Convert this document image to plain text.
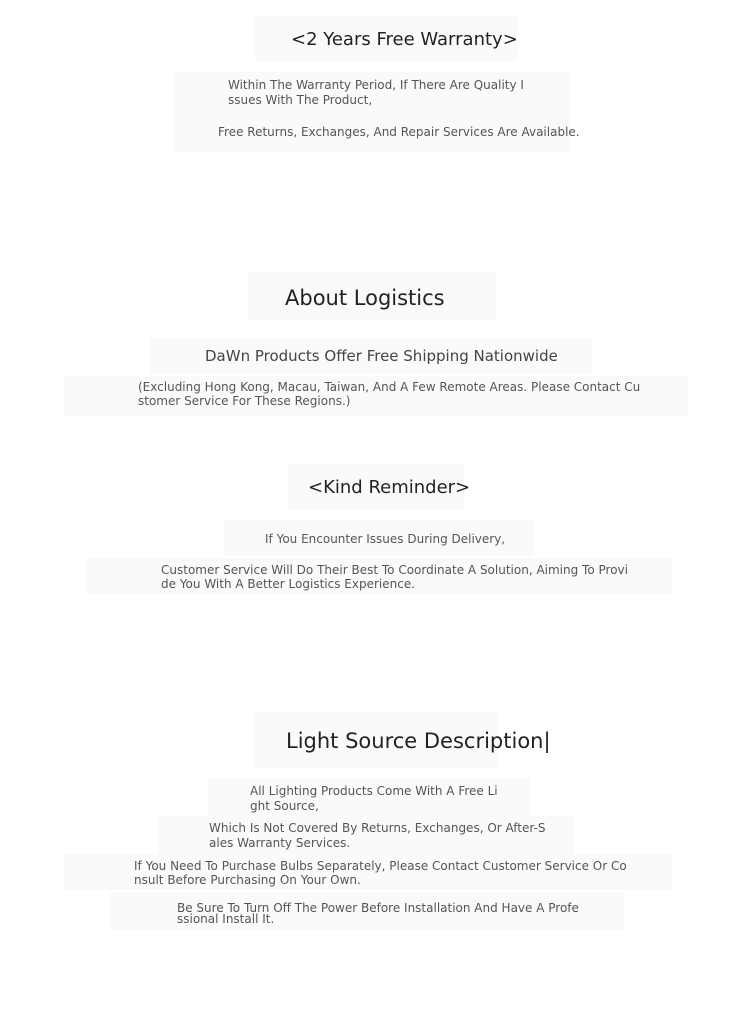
<2 Years Free Warranty>
Within The Warranty Period, If There Are Quality I
ssues With The Product,
Free Returns, Exchanges, And Repair Services Are Available.
About Logistics
DaWn Products Offer Free Shipping Nationwide
(Excluding Hong Kong, Macau, Taiwan, And A Few Remote Areas. Please Contact Cu
stomer Service For These Regions.)
<Kind Reminder>
If You Encounter Issues During Delivery,
Customer Service Will Do Their Best To Coordinate A Solution, Aiming To Provi
de You With A Better Logistics Experience.
Light Source Description|
All Lighting Products Come With A Free Li
ght Source,
Which Is Not Covered By Returns, Exchanges, Or After-S
ales Warranty Services.
If You Need To Purchase Bulbs Separately, Please Contact Customer Service Or Co
nsult Before Purchasing On Your Own.
Be Sure To Turn Off The Power Before Installation And Have A Profe
ssional Install It.
